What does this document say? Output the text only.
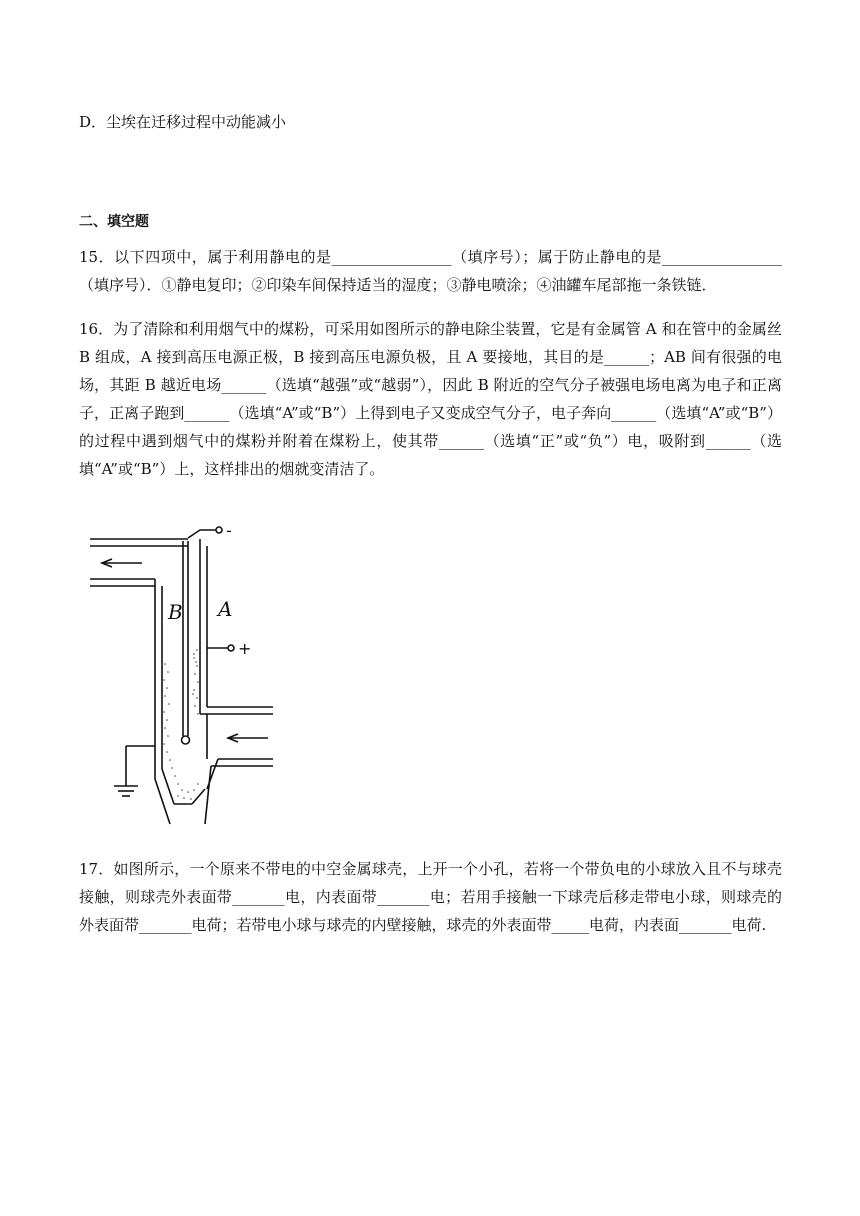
D．尘埃在迁移过程中动能减小
二、填空题
15．以下四项中，属于利用静电的是________________（填序号）；属于防止静电的是________________（填序号）．①静电复印；②印染车间保持适当的湿度；③静电喷涂；④油罐车尾部拖一条铁链．
16．为了清除和利用烟气中的煤粉，可采用如图所示的静电除尘装置，它是有金属管 A 和在管中的金属丝 B 组成，A 接到高压电源正极，B 接到高压电源负极，且 A 要接地，其目的是______；AB 间有很强的电场，其距 B 越近电场______（选填“越强”或“越弱”），因此 B 附近的空气分子被强电场电离为电子和正离子，正离子跑到______（选填“A”或“B”）上得到电子又变成空气分子，电子奔向______（选填“A”或“B”）的过程中遇到烟气中的煤粉并附着在煤粉上，使其带______（选填“正”或“负”）电，吸附到______（选填“A”或“B”）上，这样排出的烟就变清洁了。
B A
-
+
17．如图所示，一个原来不带电的中空金属球壳，上开一个小孔，若将一个带负电的小球放入且不与球壳接触，则球壳外表面带_______电，内表面带_______电；若用手接触一下球壳后移走带电小球，则球壳的外表面带_______电荷；若带电小球与球壳的内壁接触，球壳的外表面带_____电荷，内表面_______电荷.
